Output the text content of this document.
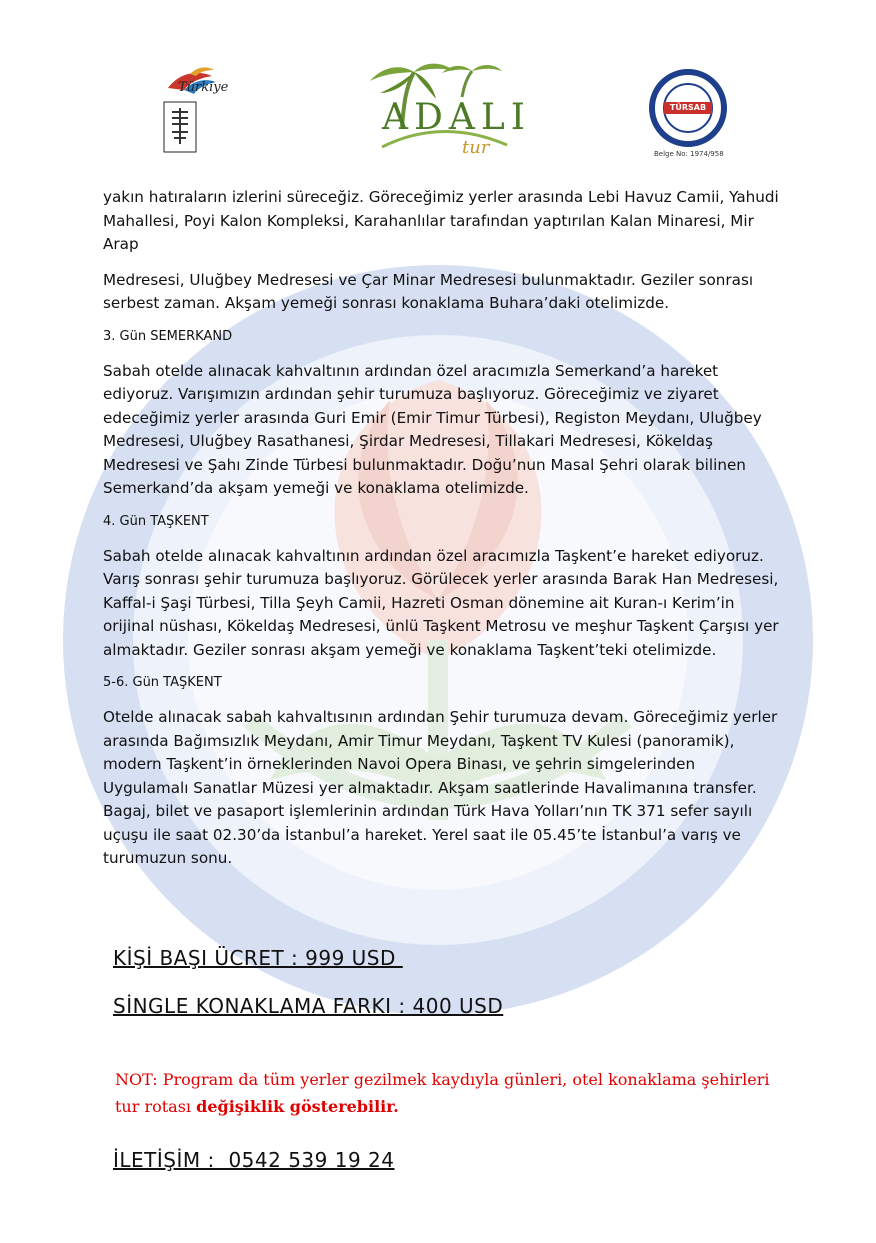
Türkiye
ADALI
tur
TÜRSAB
Belge No: 1974/958

yakın hatıraların izlerini süreceğiz. Göreceğimiz yerler arasında Lebi Havuz Camii, Yahudi Mahallesi, Poyi Kalon Kompleksi, Karahanlılar tarafından yaptırılan Kalan Minaresi, Mir Arap

Medresesi, Uluğbey Medresesi ve Çar Minar Medresesi bulunmaktadır. Geziler sonrası serbest zaman. Akşam yemeği sonrası konaklama Buhara’daki otelimizde.

3. Gün SEMERKAND

Sabah otelde alınacak kahvaltının ardından özel aracımızla Semerkand’a hareket ediyoruz. Varışımızın ardından şehir turumuza başlıyoruz. Göreceğimiz ve ziyaret edeceğimiz yerler arasında Guri Emir (Emir Timur Türbesi), Registon Meydanı, Uluğbey Medresesi, Uluğbey Rasathanesi, Şirdar Medresesi, Tillakari Medresesi, Kökeldaş Medresesi ve Şahı Zinde Türbesi bulunmaktadır. Doğu’nun Masal Şehri olarak bilinen Semerkand’da akşam yemeği ve konaklama otelimizde.

4. Gün TAŞKENT

Sabah otelde alınacak kahvaltının ardından özel aracımızla Taşkent’e hareket ediyoruz. Varış sonrası şehir turumuza başlıyoruz. Görülecek yerler arasında Barak Han Medresesi, Kaffal-i Şaşi Türbesi, Tilla Şeyh Camii, Hazreti Osman dönemine ait Kuran-ı Kerim’in orijinal nüshası, Kökeldaş Medresesi, ünlü Taşkent Metrosu ve meşhur Taşkent Çarşısı yer almaktadır. Geziler sonrası akşam yemeği ve konaklama Taşkent’teki otelimizde.

5-6. Gün TAŞKENT

Otelde alınacak sabah kahvaltısının ardından Şehir turumuza devam. Göreceğimiz yerler arasında Bağımsızlık Meydanı, Amir Timur Meydanı, Taşkent TV Kulesi (panoramik), modern Taşkent’in örneklerinden Navoi Opera Binası, ve şehrin simgelerinden Uygulamalı Sanatlar Müzesi yer almaktadır. Akşam saatlerinde Havalimanına transfer. Bagaj, bilet ve pasaport işlemlerinin ardından Türk Hava Yolları’nın TK 371 sefer sayılı uçuşu ile saat 02.30’da İstanbul’a hareket. Yerel saat ile 05.45’te İstanbul’a varış ve turumuzun sonu.

KİŞİ BAŞI ÜCRET : 999 USD
SİNGLE KONAKLAMA FARKI : 400 USD
NOT: Program da tüm yerler gezilmek kaydıyla günleri, otel konaklama şehirleri tur rotası değişiklik gösterebilir.
İLETİŞİM :  0542 539 19 24
